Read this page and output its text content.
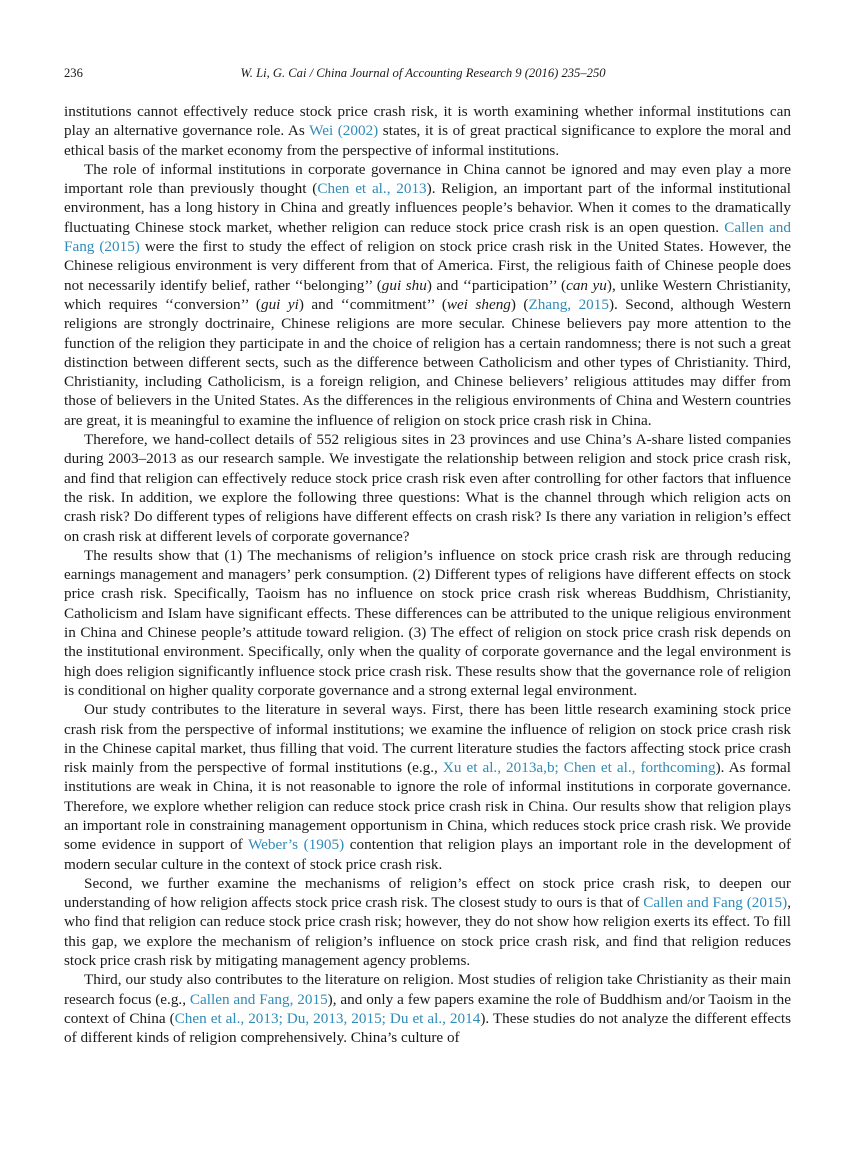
236	W. Li, G. Cai / China Journal of Accounting Research 9 (2016) 235–250

institutions cannot effectively reduce stock price crash risk, it is worth examining whether informal institutions can play an alternative governance role. As Wei (2002) states, it is of great practical significance to explore the moral and ethical basis of the market economy from the perspective of informal institutions.

The role of informal institutions in corporate governance in China cannot be ignored and may even play a more important role than previously thought (Chen et al., 2013). Religion, an important part of the informal institutional environment, has a long history in China and greatly influences people’s behavior. When it comes to the dramatically fluctuating Chinese stock market, whether religion can reduce stock price crash risk is an open question. Callen and Fang (2015) were the first to study the effect of religion on stock price crash risk in the United States. However, the Chinese religious environment is very different from that of America. First, the religious faith of Chinese people does not necessarily identify belief, rather ‘‘belonging’’ (gui shu) and ‘‘participation’’ (can yu), unlike Western Christianity, which requires ‘‘conversion’’ (gui yi) and ‘‘commitment’’ (wei sheng) (Zhang, 2015). Second, although Western religions are strongly doctrinaire, Chinese religions are more secular. Chinese believers pay more attention to the function of the religion they participate in and the choice of religion has a certain randomness; there is not such a great distinction between different sects, such as the difference between Catholicism and other types of Christianity. Third, Christianity, including Catholicism, is a foreign religion, and Chinese believers’ religious attitudes may differ from those of believers in the United States. As the differences in the religious environments of China and Western countries are great, it is meaningful to examine the influence of religion on stock price crash risk in China.

Therefore, we hand-collect details of 552 religious sites in 23 provinces and use China’s A-share listed companies during 2003–2013 as our research sample. We investigate the relationship between religion and stock price crash risk, and find that religion can effectively reduce stock price crash risk even after controlling for other factors that influence the risk. In addition, we explore the following three questions: What is the channel through which religion acts on crash risk? Do different types of religions have different effects on crash risk? Is there any variation in religion’s effect on crash risk at different levels of corporate governance?

The results show that (1) The mechanisms of religion’s influence on stock price crash risk are through reducing earnings management and managers’ perk consumption. (2) Different types of religions have different effects on stock price crash risk. Specifically, Taoism has no influence on stock price crash risk whereas Buddhism, Christianity, Catholicism and Islam have significant effects. These differences can be attributed to the unique religious environment in China and Chinese people’s attitude toward religion. (3) The effect of religion on stock price crash risk depends on the institutional environment. Specifically, only when the quality of corporate governance and the legal environment is high does religion significantly influence stock price crash risk. These results show that the governance role of religion is conditional on higher quality corporate governance and a strong external legal environment.

Our study contributes to the literature in several ways. First, there has been little research examining stock price crash risk from the perspective of informal institutions; we examine the influence of religion on stock price crash risk in the Chinese capital market, thus filling that void. The current literature studies the factors affecting stock price crash risk mainly from the perspective of formal institutions (e.g., Xu et al., 2013a,b; Chen et al., forthcoming). As formal institutions are weak in China, it is not reasonable to ignore the role of informal institutions in corporate governance. Therefore, we explore whether religion can reduce stock price crash risk in China. Our results show that religion plays an important role in constraining management opportunism in China, which reduces stock price crash risk. We provide some evidence in support of Weber’s (1905) contention that religion plays an important role in the development of modern secular culture in the context of stock price crash risk.

Second, we further examine the mechanisms of religion’s effect on stock price crash risk, to deepen our understanding of how religion affects stock price crash risk. The closest study to ours is that of Callen and Fang (2015), who find that religion can reduce stock price crash risk; however, they do not show how religion exerts its effect. To fill this gap, we explore the mechanism of religion’s influence on stock price crash risk, and find that religion reduces stock price crash risk by mitigating management agency problems.

Third, our study also contributes to the literature on religion. Most studies of religion take Christianity as their main research focus (e.g., Callen and Fang, 2015), and only a few papers examine the role of Buddhism and/or Taoism in the context of China (Chen et al., 2013; Du, 2013, 2015; Du et al., 2014). These studies do not analyze the different effects of different kinds of religion comprehensively. China’s culture of
